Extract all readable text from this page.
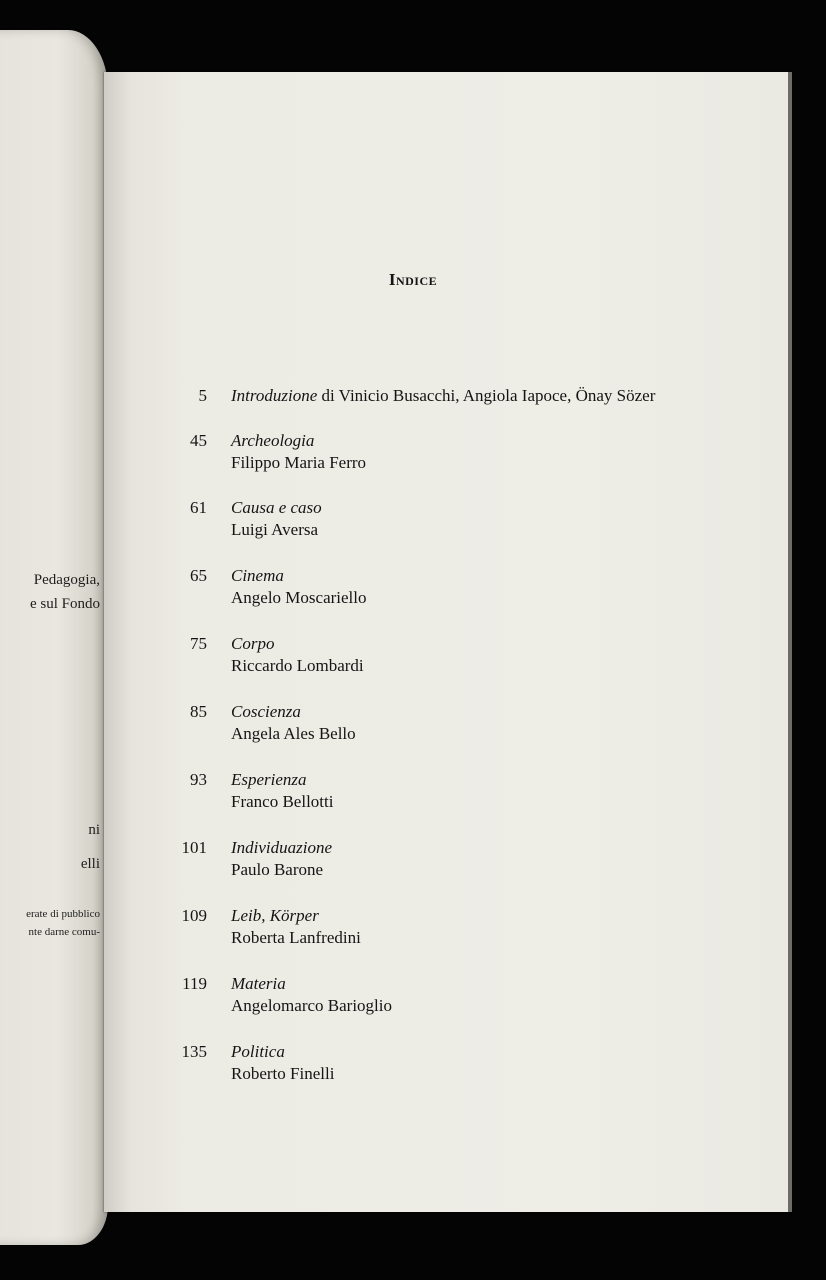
Pedagogia,
e sul Fondo
ni
elli
erate di pubblico
nte darne comu-
Indice
5 Introduzione di Vinicio Busacchi, Angiola Iapoce, Önay Sözer
45 Archeologia
Filippo Maria Ferro
61 Causa e caso
Luigi Aversa
65 Cinema
Angelo Moscariello
75 Corpo
Riccardo Lombardi
85 Coscienza
Angela Ales Bello
93 Esperienza
Franco Bellotti
101 Individuazione
Paulo Barone
109 Leib, Körper
Roberta Lanfredini
119 Materia
Angelomarco Barioglio
135 Politica
Roberto Finelli
